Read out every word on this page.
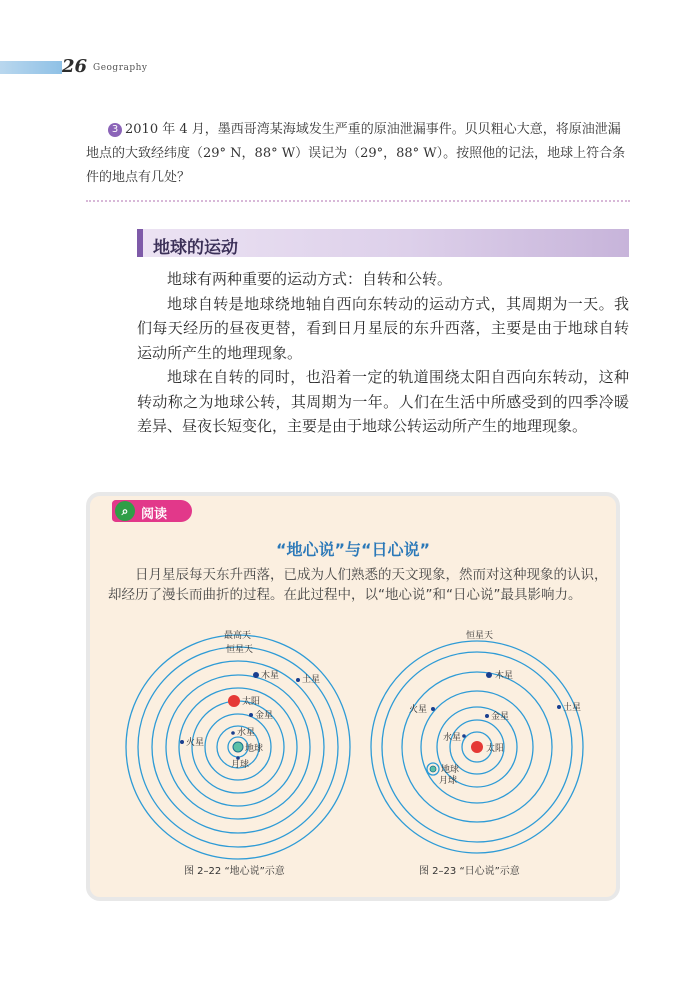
26 Geography
3 2010 年 4 月，墨西哥湾某海域发生严重的原油泄漏事件。贝贝粗心大意，将原油泄漏地点的大致经纬度（29° N，88° W）误记为（29°，88° W）。按照他的记法，地球上符合条件的地点有几处？
地球的运动

地球有两种重要的运动方式：自转和公转。

地球自转是地球绕地轴自西向东转动的运动方式，其周期为一天。我们每天经历的昼夜更替，看到日月星辰的东升西落，主要是由于地球自转运动所产生的地理现象。

地球在自转的同时，也沿着一定的轨道围绕太阳自西向东转动，这种转动称之为地球公转，其周期为一年。人们在生活中所感受到的四季冷暖差异、昼夜长短变化，主要是由于地球公转运动所产生的地理现象。

⌕ 阅读
“地心说”与“日心说”

日月星辰每天东升西落，已成为人们熟悉的天文现象，然而对这种现象的认识，却经历了漫长而曲折的过程。在此过程中，以“地心说”和“日心说”最具影响力。

最高天
恒星天
木星	土星
太阳
金星
火星
水星
地球
月球
图 2–22 “地心说”示意
恒星天
木星
火星	土星
金星
水星
太阳
地球
月球
图 2–23 “日心说”示意
